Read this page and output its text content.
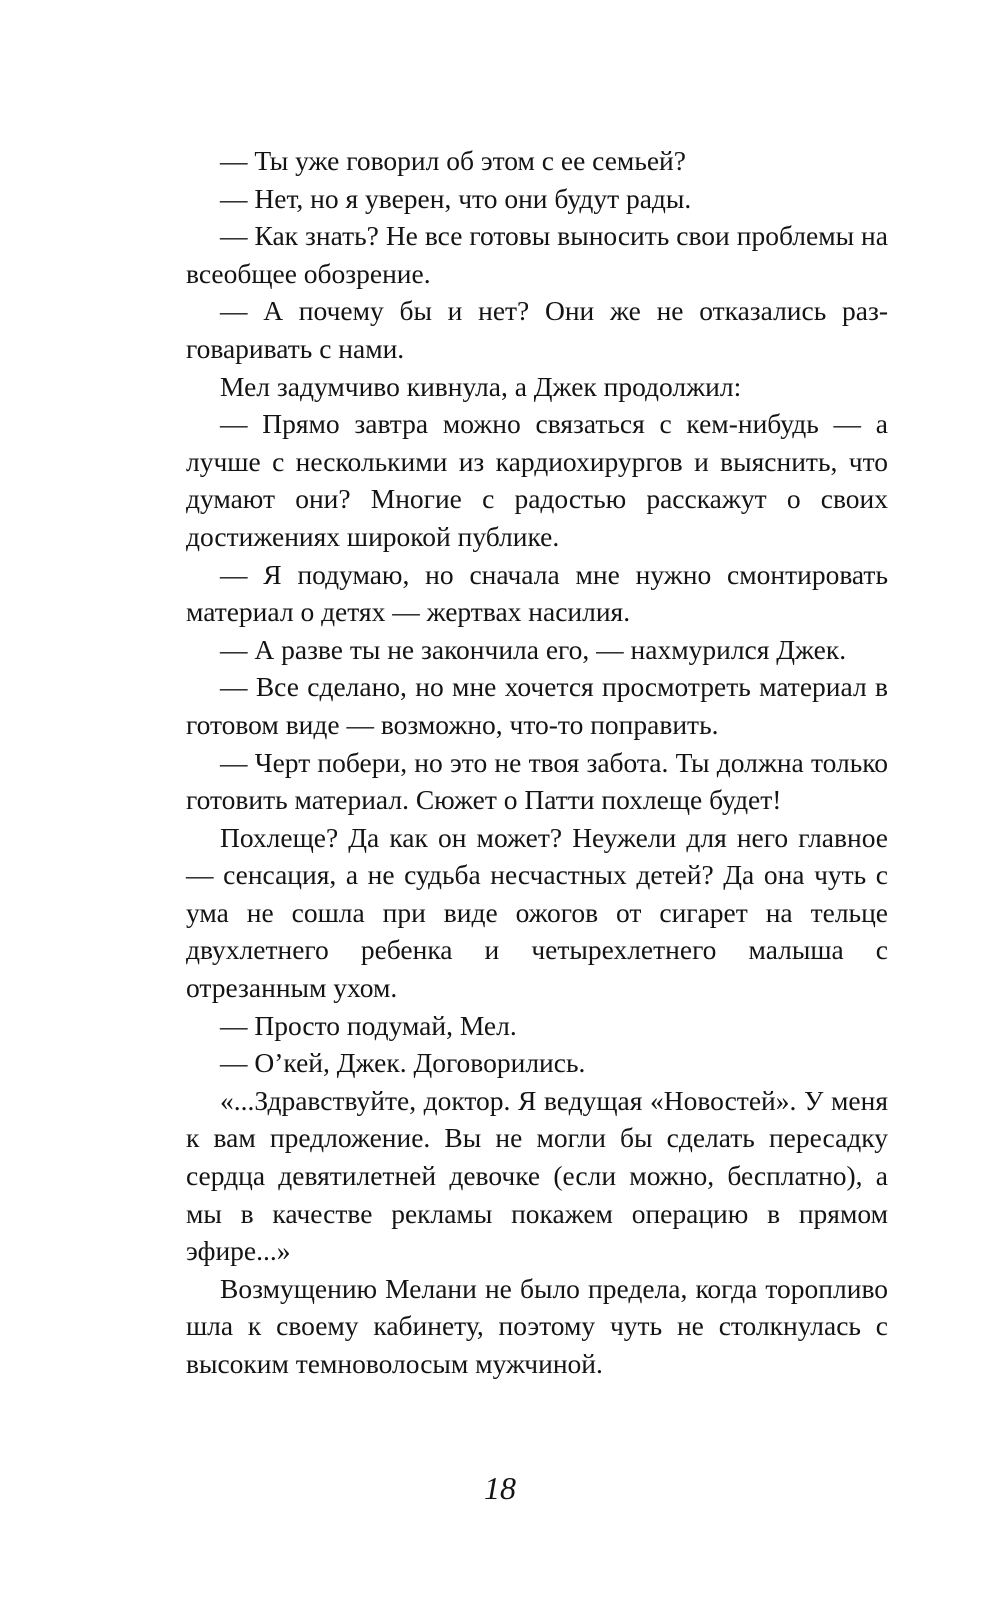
— Ты уже говорил об этом с ее семьей?

— Нет, но я уверен, что они будут рады.

— Как знать? Не все готовы выносить свои проблемы на всеобщее обозрение.

— А почему бы и нет? Они же не отказались разговаривать с нами.

Мел задумчиво кивнула, а Джек продолжил:

— Прямо завтра можно связаться с кем-нибудь — а лучше с несколькими из кардиохирургов и выяснить, что думают они? Многие с радостью расскажут о своих достижениях широкой публике.

— Я подумаю, но сначала мне нужно смонтировать материал о детях — жертвах насилия.

— А разве ты не закончила его, — нахмурился Джек.

— Все сделано, но мне хочется просмотреть материал в готовом виде — возможно, что-то поправить.

— Черт побери, но это не твоя забота. Ты должна только готовить материал. Сюжет о Патти похлеще будет!

Похлеще? Да как он может? Неужели для него главное — сенсация, а не судьба несчастных детей? Да она чуть с ума не сошла при виде ожогов от сигарет на тельце двухлетнего ребенка и четырехлетнего малыша с отрезанным ухом.

— Просто подумай, Мел.

— О’кей, Джек. Договорились.

«...Здравствуйте, доктор. Я ведущая «Новостей». У меня к вам предложение. Вы не могли бы сделать пересадку сердца девятилетней девочке (если можно, бесплатно), а мы в качестве рекламы покажем операцию в прямом эфире...»

Возмущению Мелани не было предела, когда торопливо шла к своему кабинету, поэтому чуть не столкнулась с высоким темноволосым мужчиной.

18
